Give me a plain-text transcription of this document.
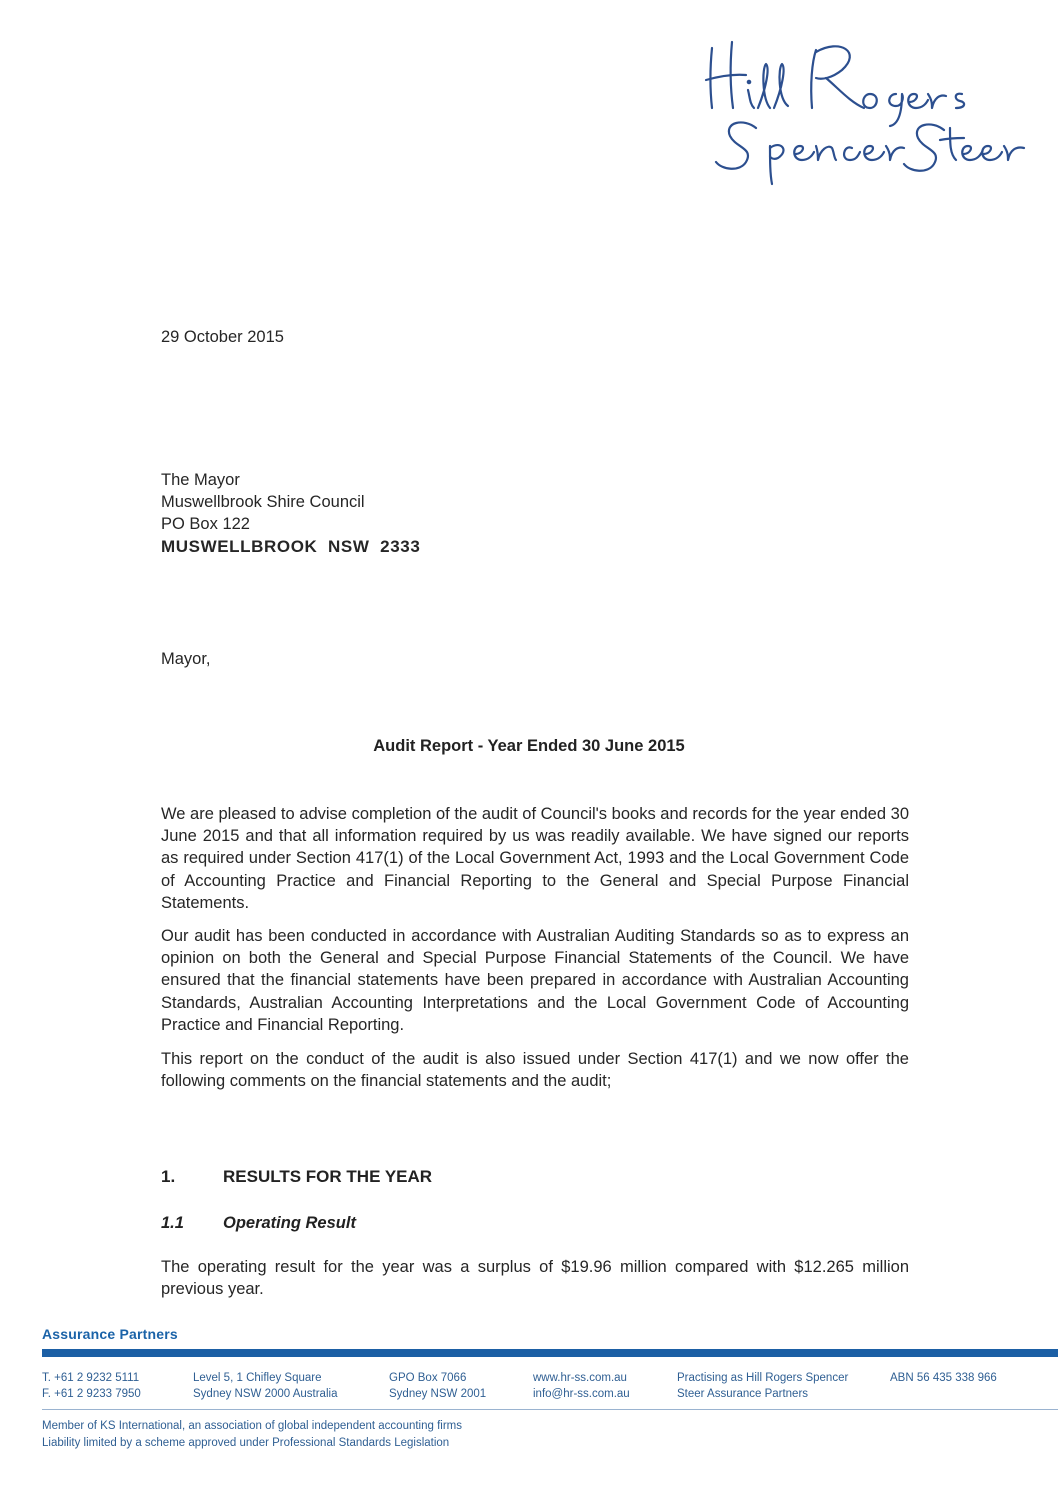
29 October 2015
The Mayor
Muswellbrook Shire Council
PO Box 122
MUSWELLBROOK  NSW  2333
Mayor,
Audit Report - Year Ended 30 June 2015
We are pleased to advise completion of the audit of Council's books and records for the year ended 30 June 2015 and that all information required by us was readily available. We have signed our reports as required under Section 417(1) of the Local Government Act, 1993 and the Local Government Code of Accounting Practice and Financial Reporting to the General and Special Purpose Financial Statements.
Our audit has been conducted in accordance with Australian Auditing Standards so as to express an opinion on both the General and Special Purpose Financial Statements of the Council. We have ensured that the financial statements have been prepared in accordance with Australian Accounting Standards, Australian Accounting Interpretations and the Local Government Code of Accounting Practice and Financial Reporting.
This report on the conduct of the audit is also issued under Section 417(1) and we now offer the following comments on the financial statements and the audit;
1.	RESULTS FOR THE YEAR
1.1 Operating Result
The operating result for the year was a surplus of $19.96 million compared with $12.265 million previous year.
Assurance Partners
T. +61 2 9232 5111
F. +61 2 9233 7950
Level 5, 1 Chifley Square
Sydney NSW 2000 Australia
GPO Box 7066
Sydney NSW 2001
www.hr-ss.com.au
info@hr-ss.com.au
Practising as Hill Rogers Spencer
Steer Assurance Partners
ABN 56 435 338 966
Member of KS International, an association of global independent accounting firms
Liability limited by a scheme approved under Professional Standards Legislation
